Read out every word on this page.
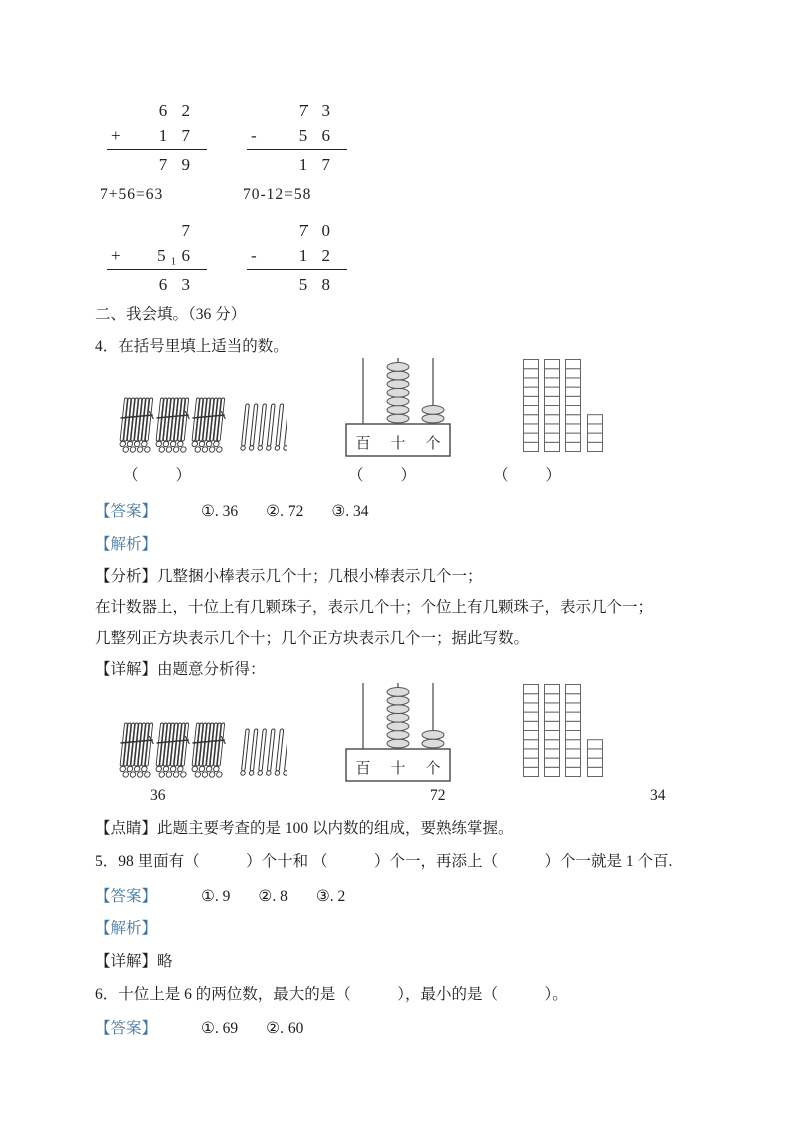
6 2
+ 1 7
7 9
7̇ 3
- 5 6
1 7
7+56=63	70-12=58
7
+ 5₁6
6 3
7̇ 0
- 1 2
5 8
二、我会填。（36 分）
4．在括号里填上适当的数。
百 十 个
（　　）	（　　）	（　　）
【答案】	①. 36 ②. 72 ③. 34
【解析】
【分析】几整捆小棒表示几个十；几根小棒表示几个一；
在计数器上，十位上有几颗珠子，表示几个十；个位上有几颗珠子，表示几个一；
几整列正方块表示几个十；几个正方块表示几个一；据此写数。
【详解】由题意分析得：
百 十 个
36	72	34
【点睛】此题主要考查的是 100 以内数的组成，要熟练掌握。
5．98 里面有（　　　）个十和 （　　　）个一，再添上（　　　）个一就是 1 个百.
【答案】	①. 9 ②. 8 ③. 2
【解析】
【详解】略
6．十位上是 6 的两位数，最大的是（　　　），最小的是（　　　）。
【答案】	①. 69 ②. 60
